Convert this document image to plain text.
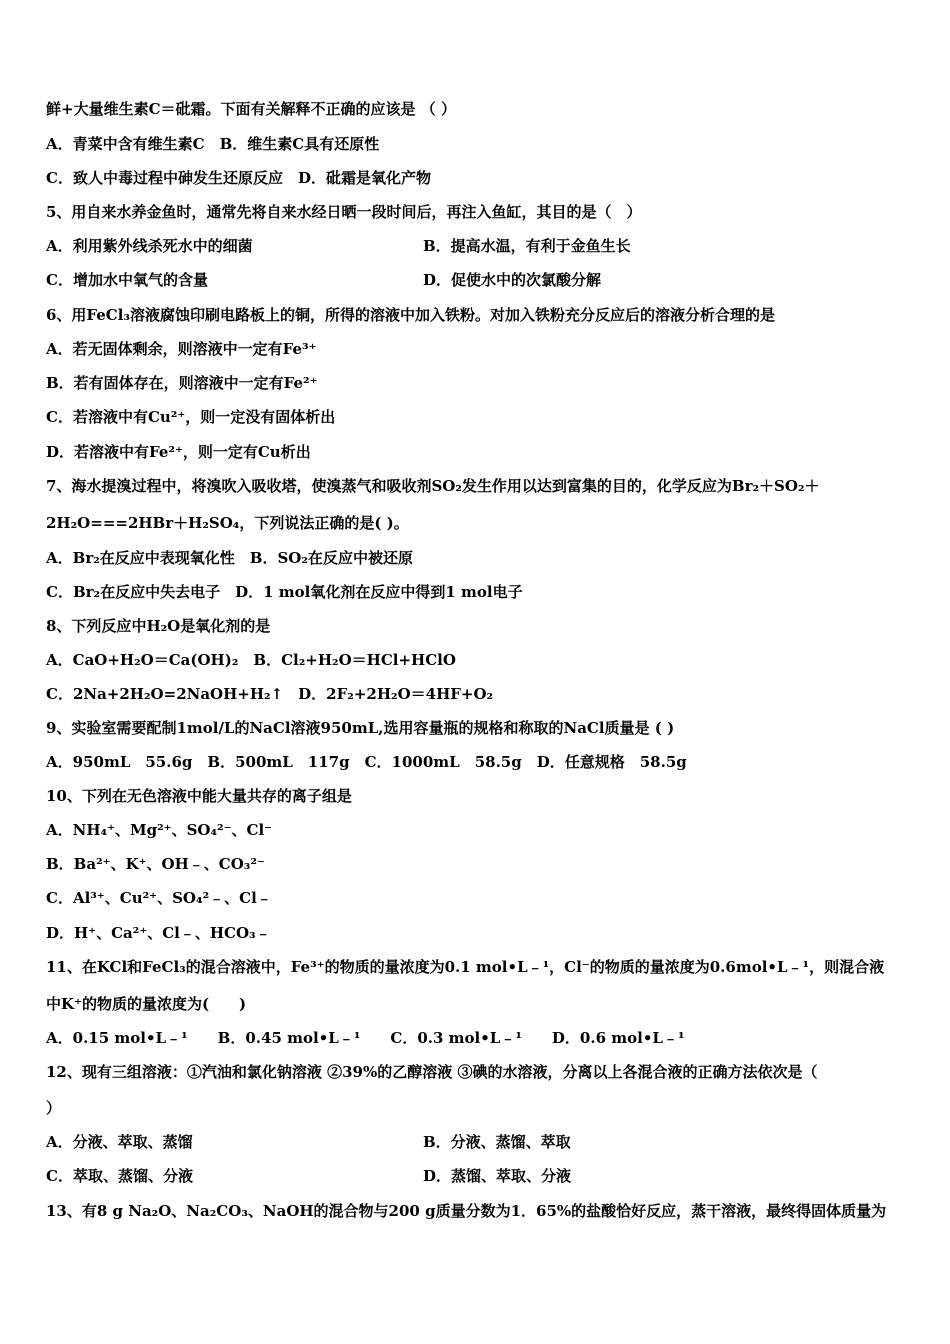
鲜+大量维生素C＝砒霜。下面有关解释不正确的应该是 （ ）
A．青菜中含有维生素C　B．维生素C具有还原性
C．致人中毒过程中砷发生还原反应　D．砒霜是氧化产物
5、用自来水养金鱼时，通常先将自来水经日晒一段时间后，再注入鱼缸，其目的是（　）
A．利用紫外线杀死水中的细菌	B．提高水温，有利于金鱼生长
C．增加水中氧气的含量	D．促使水中的次氯酸分解
6、用FeCl₃溶液腐蚀印刷电路板上的铜，所得的溶液中加入铁粉。对加入铁粉充分反应后的溶液分析合理的是
A．若无固体剩余，则溶液中一定有Fe³⁺
B．若有固体存在，则溶液中一定有Fe²⁺
C．若溶液中有Cu²⁺，则一定没有固体析出
D．若溶液中有Fe²⁺，则一定有Cu析出
7、海水提溴过程中，将溴吹入吸收塔，使溴蒸气和吸收剂SO₂发生作用以达到富集的目的，化学反应为Br₂＋SO₂＋
2H₂O===2HBr＋H₂SO₄，下列说法正确的是( )。
A．Br₂在反应中表现氧化性　B．SO₂在反应中被还原
C．Br₂在反应中失去电子　D．1 mol氧化剂在反应中得到1 mol电子
8、下列反应中H₂O是氧化剂的是
A．CaO+H₂O＝Ca(OH)₂　B．Cl₂+H₂O＝HCl+HClO
C．2Na+2H₂O=2NaOH+H₂↑　D．2F₂+2H₂O＝4HF+O₂
9、实验室需要配制1mol/L的NaCl溶液950mL,选用容量瓶的规格和称取的NaCl质量是 ( )
A．950mL　55.6g　B．500mL　117g　C．1000mL　58.5g　D．任意规格　58.5g
10、下列在无色溶液中能大量共存的离子组是
A．NH₄⁺、Mg²⁺、SO₄²⁻、Cl⁻
B．Ba²⁺、K⁺、OH﹣、CO₃²⁻
C．Al³⁺、Cu²⁺、SO₄²﹣、Cl﹣
D．H⁺、Ca²⁺、Cl﹣、HCO₃﹣
11、在KCl和FeCl₃的混合溶液中，Fe³⁺的物质的量浓度为0.1 mol•L﹣¹，Cl⁻的物质的量浓度为0.6mol•L﹣¹，则混合液
中K⁺的物质的量浓度为(　　)
A．0.15 mol•L﹣¹　　B．0.45 mol•L﹣¹　　C．0.3 mol•L﹣¹　　D．0.6 mol•L﹣¹
12、现有三组溶液：①汽油和氯化钠溶液 ②39%的乙醇溶液 ③碘的水溶液，分离以上各混合液的正确方法依次是（
）
A．分液、萃取、蒸馏	B．分液、蒸馏、萃取
C．萃取、蒸馏、分液	D．蒸馏、萃取、分液
13、有8 g Na₂O、Na₂CO₃、NaOH的混合物与200 g质量分数为1．65%的盐酸恰好反应，蒸干溶液，最终得固体质量为
